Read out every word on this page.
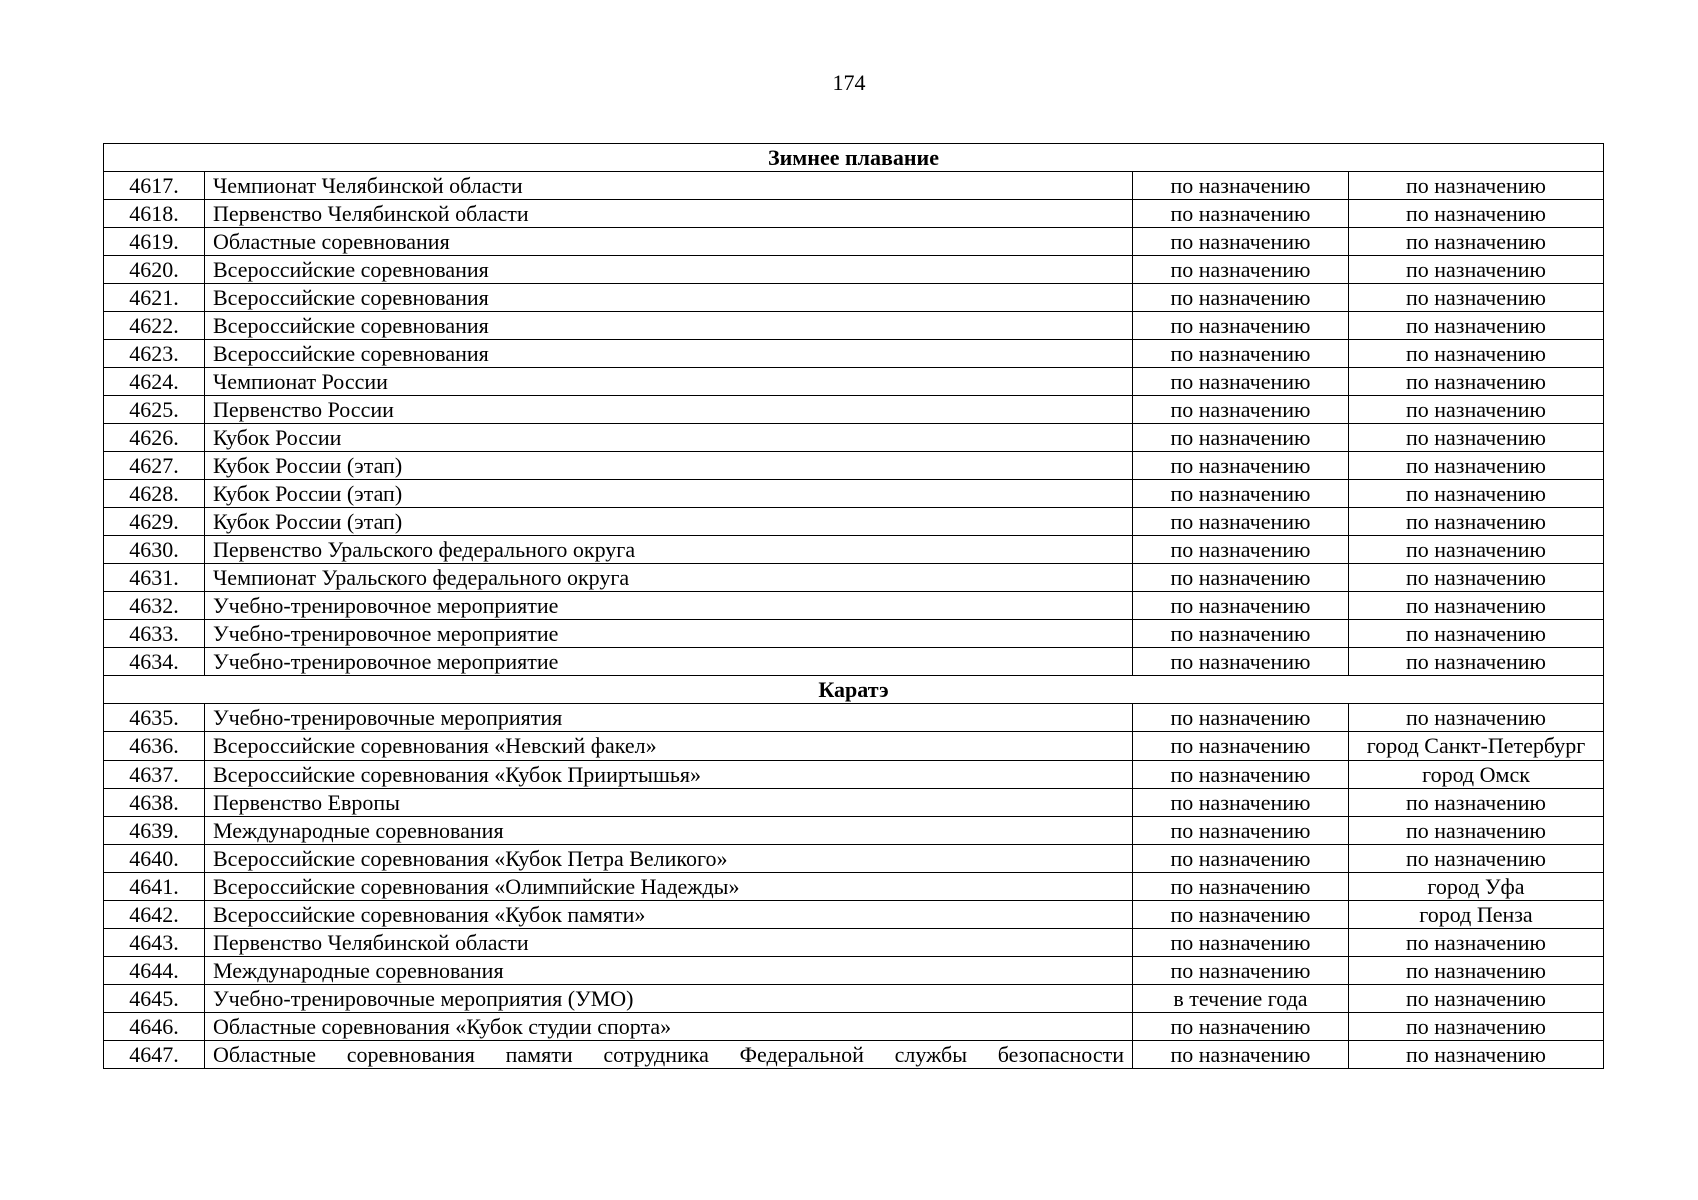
174
Зимнее плавание			
4617.	Чемпионат Челябинской области	по назначению	по назначению
4618.	Первенство Челябинской области	по назначению	по назначению
4619.	Областные соревнования	по назначению	по назначению
4620.	Всероссийские соревнования	по назначению	по назначению
4621.	Всероссийские соревнования	по назначению	по назначению
4622.	Всероссийские соревнования	по назначению	по назначению
4623.	Всероссийские соревнования	по назначению	по назначению
4624.	Чемпионат России	по назначению	по назначению
4625.	Первенство России	по назначению	по назначению
4626.	Кубок России	по назначению	по назначению
4627.	Кубок России (этап)	по назначению	по назначению
4628.	Кубок России (этап)	по назначению	по назначению
4629.	Кубок России (этап)	по назначению	по назначению
4630.	Первенство Уральского федерального округа	по назначению	по назначению
4631.	Чемпионат Уральского федерального округа	по назначению	по назначению
4632.	Учебно-тренировочное мероприятие	по назначению	по назначению
4633.	Учебно-тренировочное мероприятие	по назначению	по назначению
4634.	Учебно-тренировочное мероприятие	по назначению	по назначению
Каратэ			
4635.	Учебно-тренировочные мероприятия	по назначению	по назначению
4636.	Всероссийские соревнования «Невский факел»	по назначению	город Санкт-Петербург
4637.	Всероссийские соревнования «Кубок Прииртышья»	по назначению	город Омск
4638.	Первенство Европы	по назначению	по назначению
4639.	Международные соревнования	по назначению	по назначению
4640.	Всероссийские соревнования «Кубок Петра Великого»	по назначению	по назначению
4641.	Всероссийские соревнования «Олимпийские Надежды»	по назначению	город Уфа
4642.	Всероссийские соревнования «Кубок памяти»	по назначению	город Пенза
4643.	Первенство Челябинской области	по назначению	по назначению
4644.	Международные соревнования	по назначению	по назначению
4645.	Учебно-тренировочные мероприятия (УМО)	в течение года	по назначению
4646.	Областные соревнования «Кубок студии спорта»	по назначению	по назначению
4647.	Областные соревнования памяти сотрудника Федеральной службы безопасности	по назначению	по назначению
